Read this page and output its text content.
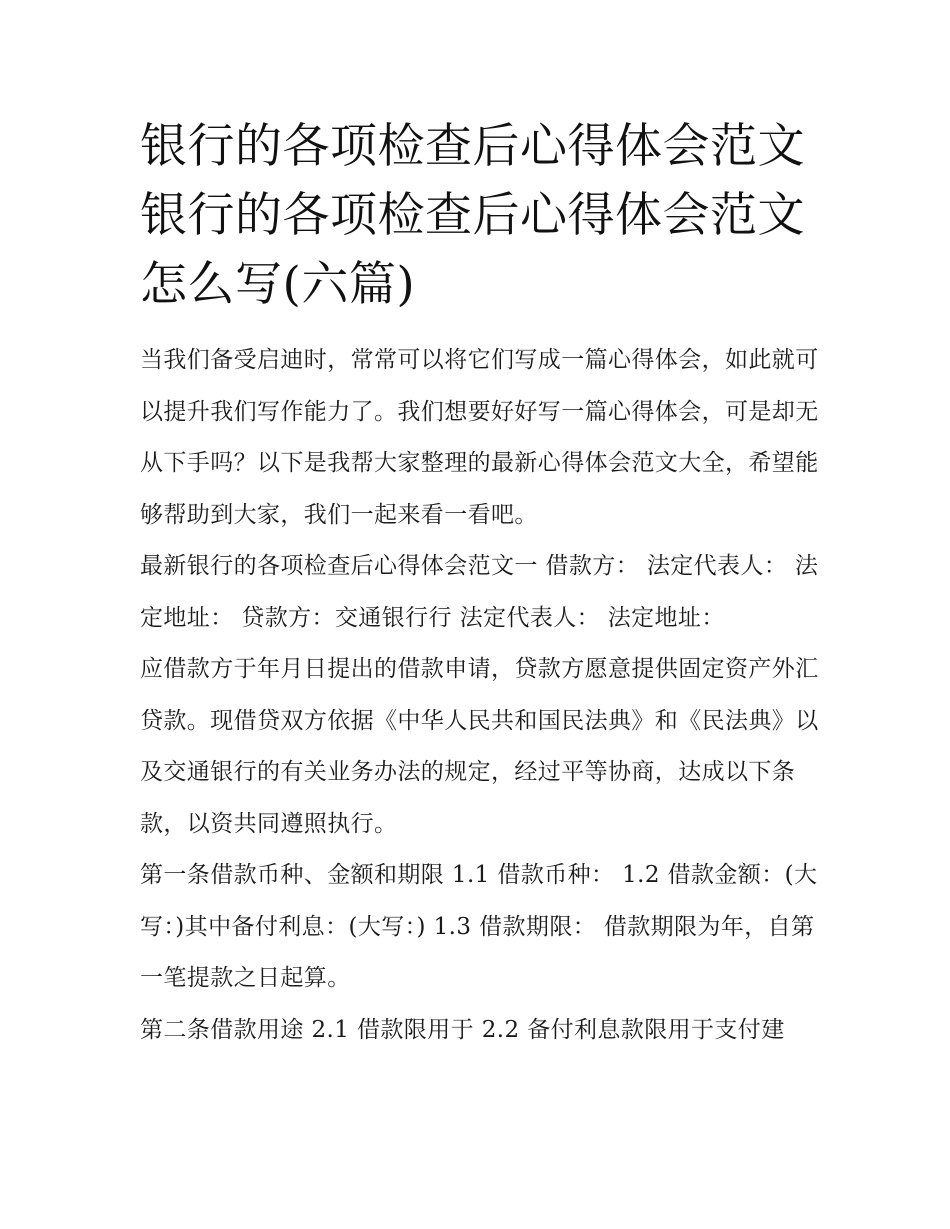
银行的各项检查后心得体会范文 银行的各项检查后心得体会范文怎么写(六篇)

当我们备受启迪时，常常可以将它们写成一篇心得体会，如此就可以提升我们写作能力了。我们想要好好写一篇心得体会，可是却无从下手吗？以下是我帮大家整理的最新心得体会范文大全，希望能够帮助到大家，我们一起来看一看吧。

最新银行的各项检查后心得体会范文一 借款方： 法定代表人： 法定地址： 贷款方：交通银行行 法定代表人： 法定地址：

应借款方于年月日提出的借款申请，贷款方愿意提供固定资产外汇贷款。现借贷双方依据《中华人民共和国民法典》和《民法典》以及交通银行的有关业务办法的规定，经过平等协商，达成以下条款，以资共同遵照执行。

第一条借款币种、金额和期限 1.1 借款币种： 1.2 借款金额：(大写：)其中备付利息：(大写：) 1.3 借款期限： 借款期限为年，自第一笔提款之日起算。

第二条借款用途 2.1 借款限用于 2.2 备付利息款限用于支付建
